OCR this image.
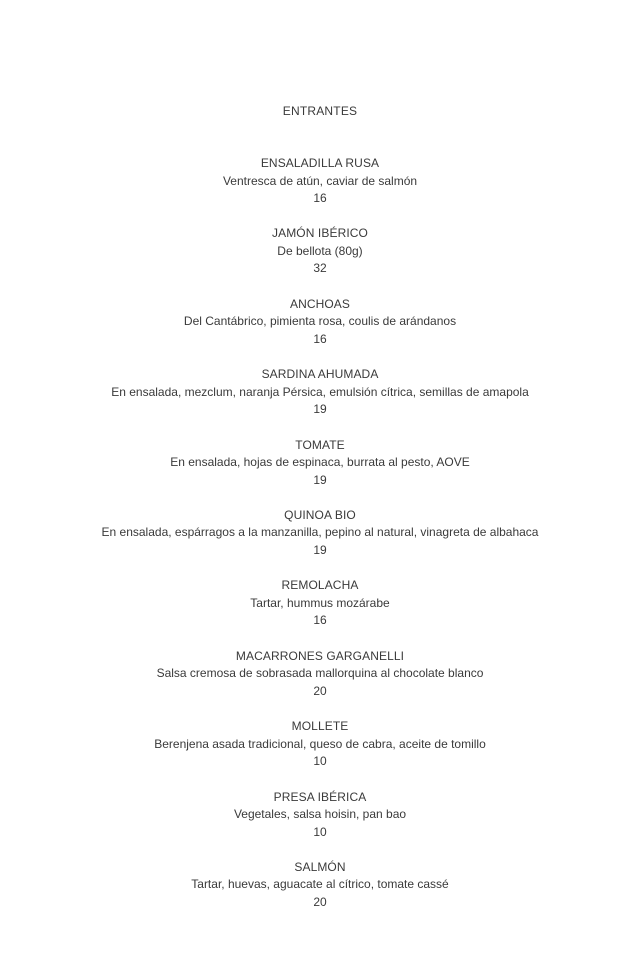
ENTRANTES
ENSALADILLA RUSA
Ventresca de atún, caviar de salmón
16
JAMÓN IBÉRICO
De bellota (80g)
32
ANCHOAS
Del Cantábrico, pimienta rosa, coulis de arándanos
16
SARDINA AHUMADA
En ensalada, mezclum, naranja Pérsica, emulsión cítrica, semillas de amapola
19
TOMATE
En ensalada, hojas de espinaca, burrata al pesto, AOVE
19
QUINOA BIO
En ensalada, espárragos a la manzanilla, pepino al natural, vinagreta de albahaca
19
REMOLACHA
Tartar, hummus mozárabe
16
MACARRONES GARGANELLI
Salsa cremosa de sobrasada mallorquina al chocolate blanco
20
MOLLETE
Berenjena asada tradicional, queso de cabra, aceite de tomillo
10
PRESA IBÉRICA
Vegetales, salsa hoisin, pan bao
10
SALMÓN
Tartar, huevas, aguacate al cítrico, tomate cassé
20
